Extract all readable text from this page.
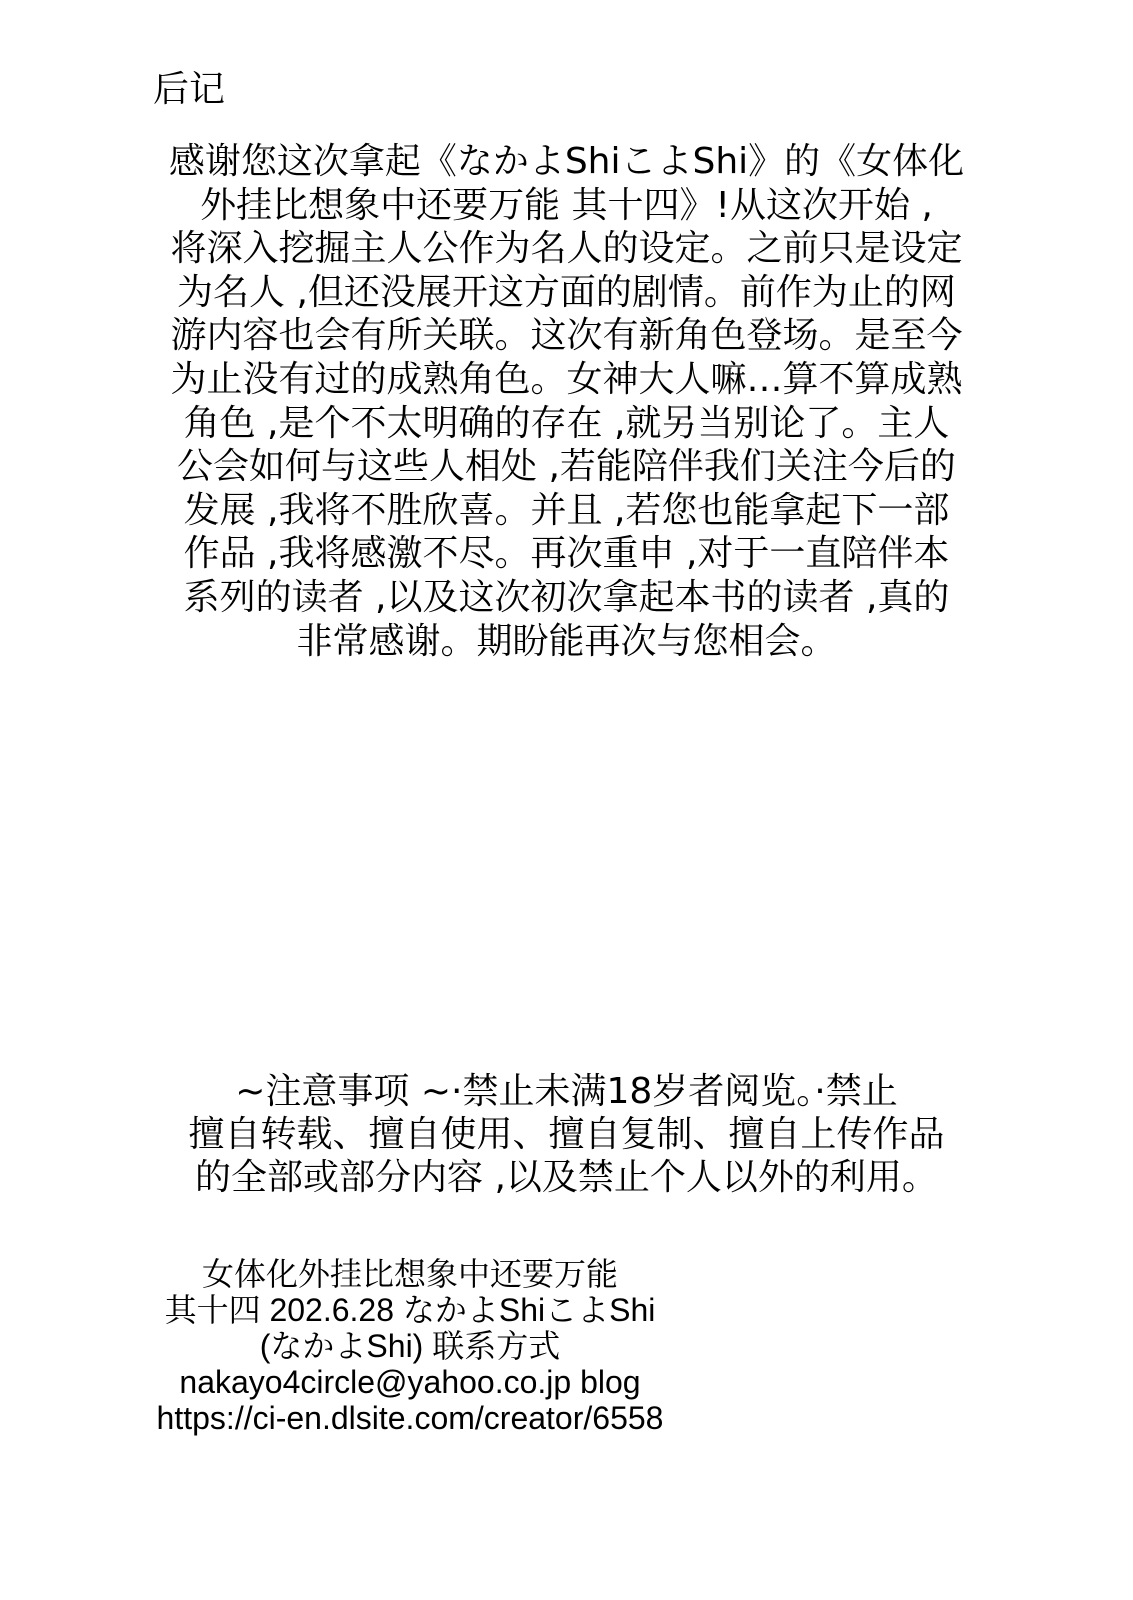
后记
感谢您这次拿起《なかよShiこよShi》的《女体化
外挂比想象中还要万能 其十四》!从这次开始 ,
将深入挖掘主人公作为名人的设定。之前只是设定
为名人 ,但还没展开这方面的剧情。前作为止的网
游内容也会有所关联。这次有新角色登场。是至今
为止没有过的成熟角色。女神大人嘛…算不算成熟
角色 ,是个不太明确的存在 ,就另当别论了。主人
公会如何与这些人相处 ,若能陪伴我们关注今后的
发展 ,我将不胜欣喜。并且 ,若您也能拿起下一部
作品 ,我将感激不尽。再次重申 ,对于一直陪伴本
系列的读者 ,以及这次初次拿起本书的读者 ,真的
非常感谢。期盼能再次与您相会。
~注意事项 ~·禁止未满18岁者阅览。·禁止
擅自转载、擅自使用、擅自复制、擅自上传作品
的全部或部分内容 ,以及禁止个人以外的利用。
女体化外挂比想象中还要万能
其十四 202.6.28 なかよShiこよShi
(なかよShi) 联系方式
nakayo4circle@yahoo.co.jp blog
https://ci-en.dlsite.com/creator/6558
